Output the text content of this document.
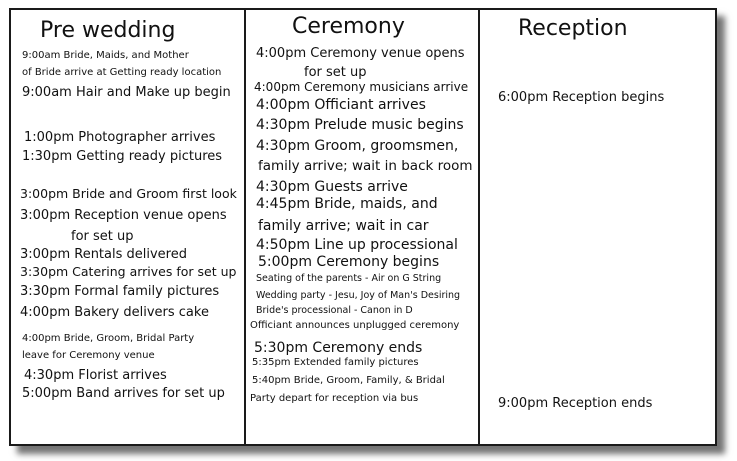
Pre wedding
9:00am Bride, Maids, and Mother
of Bride arrive at Getting ready location
9:00am Hair and Make up begin
1:00pm Photographer arrives
1:30pm Getting ready pictures
3:00pm Bride and Groom first look
3:00pm Reception venue opens
for set up
3:00pm Rentals delivered
3:30pm Catering arrives for set up
3:30pm Formal family pictures
4:00pm Bakery delivers cake
4:00pm Bride, Groom, Bridal Party
leave for Ceremony venue
4:30pm Florist arrives
5:00pm Band arrives for set up
Ceremony
4:00pm Ceremony venue opens
for set up
4:00pm Ceremony musicians arrive
4:00pm Officiant arrives
4:30pm Prelude music begins
4:30pm Groom, groomsmen,
family arrive; wait in back room
4:30pm Guests arrive
4:45pm Bride, maids, and
family arrive; wait in car
4:50pm Line up processional
5:00pm Ceremony begins
Seating of the parents - Air on G String
Wedding party - Jesu, Joy of Man's Desiring
Bride's processional - Canon in D
Officiant announces unplugged ceremony
5:30pm Ceremony ends
5:35pm Extended family pictures
5:40pm Bride, Groom, Family, & Bridal
Party depart for reception via bus
Reception
6:00pm Reception begins
9:00pm Reception ends
